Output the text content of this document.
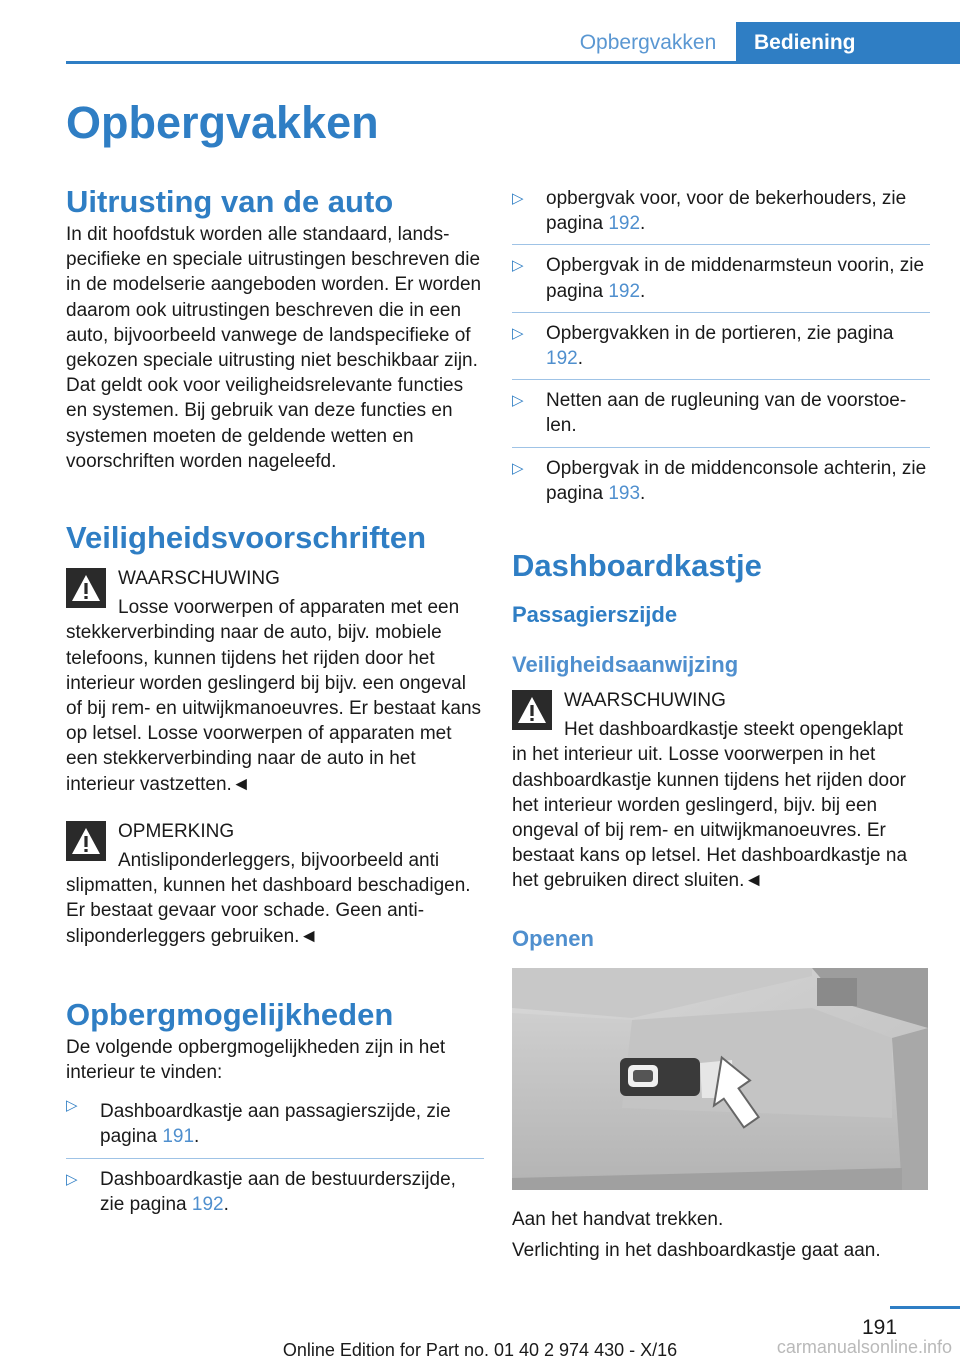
Opbergvakken	Bediening
Opbergvakken
Uitrusting van de auto

In dit hoofdstuk worden alle standaard, landspecifieke en speciale uitrustingen beschreven die in de modelserie aangeboden worden. Er worden daarom ook uitrustingen beschreven die in een auto, bijvoorbeeld vanwege de landspecifieke of gekozen speciale uitrusting niet beschikbaar zijn. Dat geldt ook voor veiligheidsrelevante functies en systemen. Bij gebruik van deze functies en systemen moeten de geldende wetten en voorschriften worden nageleefd.

Veiligheidsvoorschriften
WAARSCHUWING

Losse voorwerpen of apparaten met een

stekkerverbinding naar de auto, bijv. mobiele telefoons, kunnen tijdens het rijden door het interieur worden geslingerd bij bijv. een ongeval of bij rem- en uitwijkmanoeuvres. Er bestaat kans op letsel. Losse voorwerpen of apparaten met een stekkerverbinding naar de auto in het interieur vastzetten.◄

OPMERKING

Antisliponderleggers, bijvoorbeeld anti

slipmatten, kunnen het dashboard beschadigen. Er bestaat gevaar voor schade. Geen antisliponderleggers gebruiken.◄

Opbergmogelijkheden

De volgende opbergmogelijkheden zijn in het interieur te vinden:

▷ Dashboardkastje aan passagierszijde, zie pagina 191.
▷ Dashboardkastje aan de bestuurderszijde, zie pagina 192.
▷ opbergvak voor, voor de bekerhouders, zie pagina 192.
▷ Opbergvak in de middenarmsteun voorin, zie pagina 192.
▷ Opbergvakken in de portieren, zie pagina 192.
▷ Netten aan de rugleuning van de voorstoelen.
▷ Opbergvak in de middenconsole achterin, zie pagina 193.
Dashboardkastje
Passagierszijde
Veiligheidsaanwijzing
WAARSCHUWING

Het dashboardkastje steekt opengeklapt

in het interieur uit. Losse voorwerpen in het dashboardkastje kunnen tijdens het rijden door het interieur worden geslingerd, bijv. bij een ongeval of bij rem- en uitwijkmanoeuvres. Er bestaat kans op letsel. Het dashboardkastje na het gebruiken direct sluiten.◄

Openen

Aan het handvat trekken.

Verlichting in het dashboardkastje gaat aan.

191
Online Edition for Part no. 01 40 2 974 430 - X/16	carmanualsonline.info
